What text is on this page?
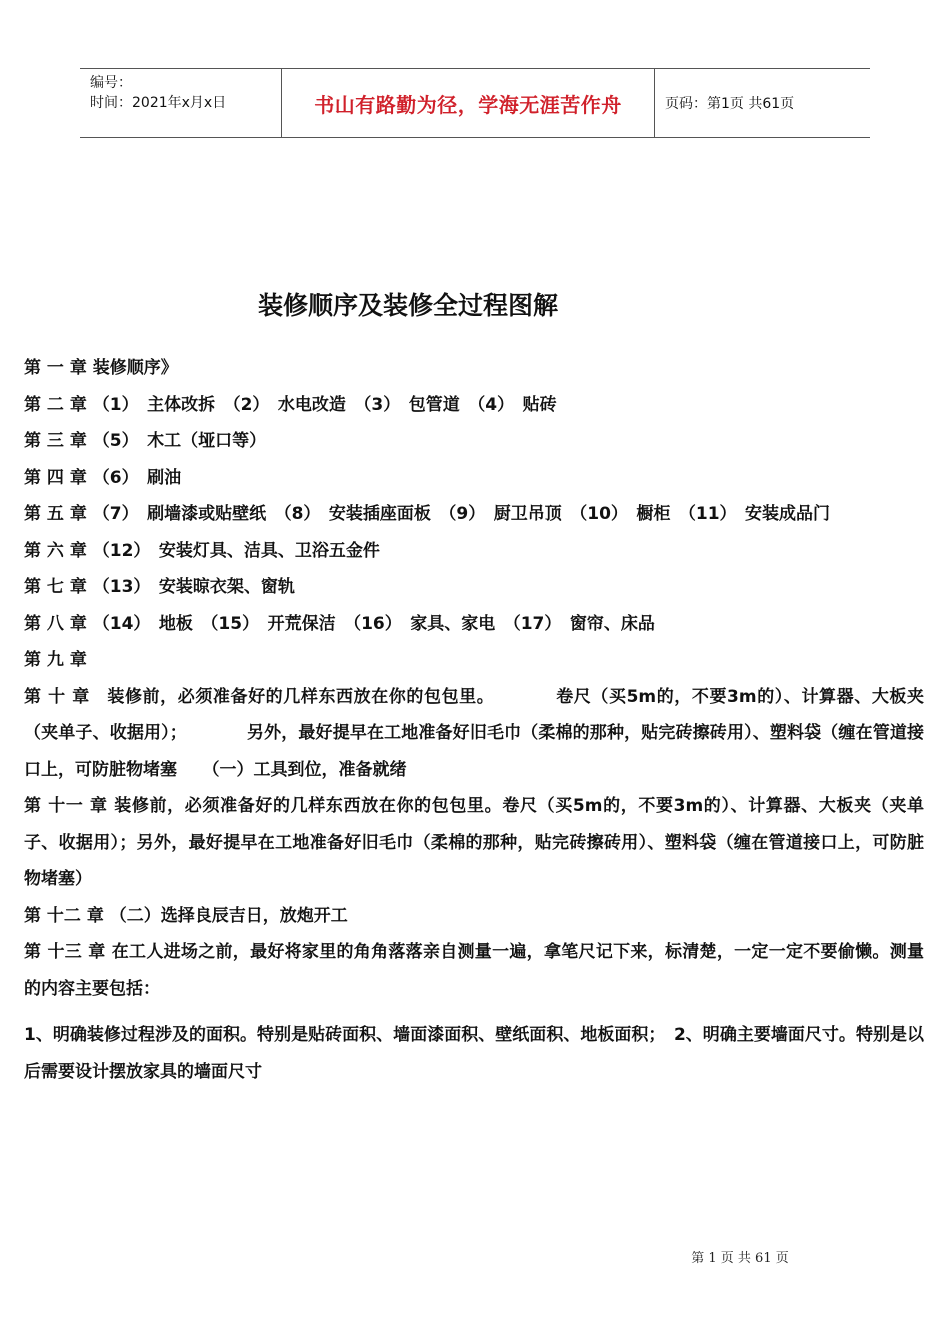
编号：
时间：2021年x月x日	书山有路勤为径，学海无涯苦作舟	页码：第1页 共61页
装修顺序及装修全过程图解

第 一 章 装修顺序》

第 二 章 （1）　主体改拆　（2）　水电改造　（3）　包管道　（4）　贴砖

第 三 章 （5）　木工（垭口等）

第 四 章 （6）　刷油

第 五 章 （7）　刷墙漆或贴壁纸　（8）　安装插座面板　（9）　厨卫吊顶　（10）　橱柜　（11）　安装成品门

第 六 章 （12）　安装灯具、洁具、卫浴五金件

第 七 章 （13）　安装晾衣架、窗轨

第 八 章 （14）　地板　（15）　开荒保洁　（16）　家具、家电　（17）　窗帘、床品

第 九 章

第 十 章　装修前，必须准备好的几样东西放在你的包包里。　　　　卷尺（买5m的，不要3m的）、计算器、大板夹（夹单子、收据用）；　　　　另外，最好提早在工地准备好旧毛巾（柔棉的那种，贴完砖擦砖用）、塑料袋（缠在管道接口上，可防脏物堵塞　　（一）工具到位，准备就绪

第 十一 章 装修前，必须准备好的几样东西放在你的包包里。卷尺（买5m的，不要3m的）、计算器、大板夹（夹单子、收据用）；另外，最好提早在工地准备好旧毛巾（柔棉的那种，贴完砖擦砖用）、塑料袋（缠在管道接口上，可防脏物堵塞）

第 十二 章 （二）选择良辰吉日，放炮开工

第 十三 章 在工人进场之前，最好将家里的角角落落亲自测量一遍，拿笔尺记下来，标清楚，一定一定不要偷懒。测量的内容主要包括：

1、明确装修过程涉及的面积。特别是贴砖面积、墙面漆面积、壁纸面积、地板面积；　2、明确主要墙面尺寸。特别是以后需要设计摆放家具的墙面尺寸

第 1 页 共 61 页
